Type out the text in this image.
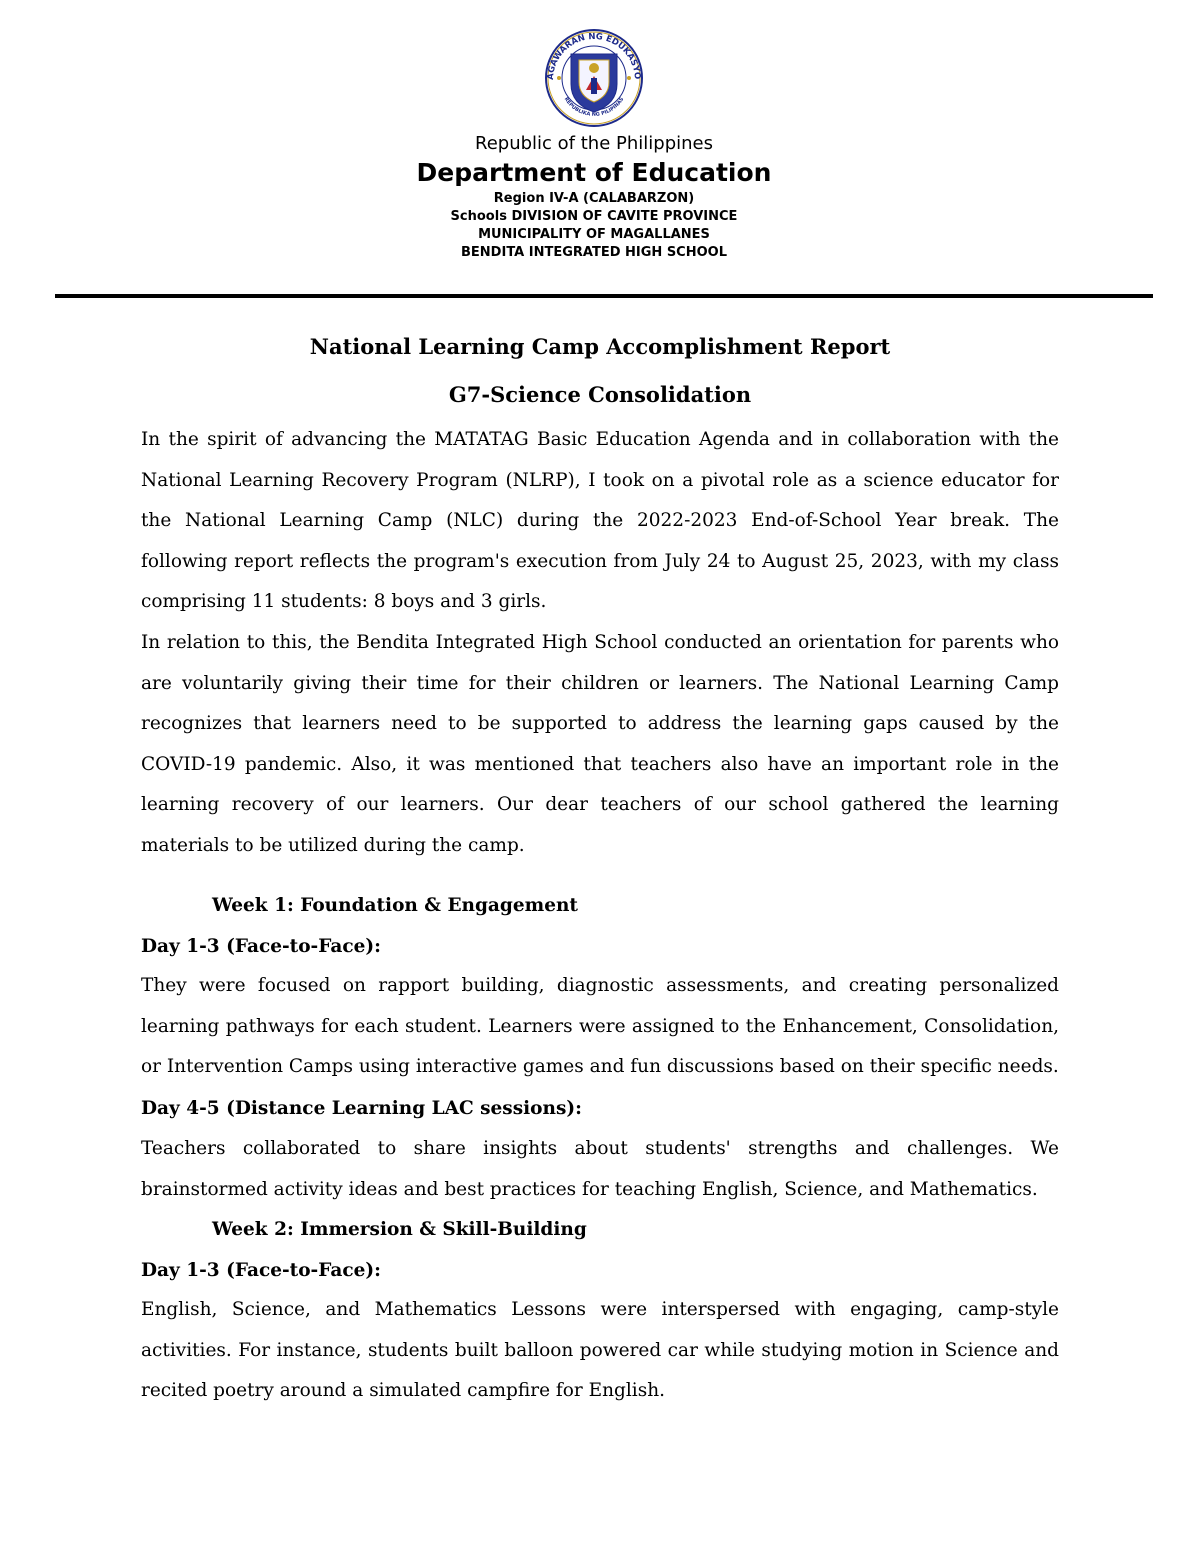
AGAWARAN NG EDUKASYO
REPUBLIKA NG PILIPINAS
Republic of the Philippines
Department of Education
Region IV-A (CALABARZON)
Schools DIVISION OF CAVITE PROVINCE
MUNICIPALITY OF MAGALLANES
BENDITA INTEGRATED HIGH SCHOOL
National Learning Camp Accomplishment Report
G7-Science Consolidation

In the spirit of advancing the MATATAG Basic Education Agenda and in collaboration with the National Learning Recovery Program (NLRP), I took on a pivotal role as a science educator for the National Learning Camp (NLC) during the 2022-2023 End-of-School Year break. The following report reflects the program's execution from July 24 to August 25, 2023, with my class comprising 11 students: 8 boys and 3 girls.

In relation to this, the Bendita Integrated High School conducted an orientation for parents who are voluntarily giving their time for their children or learners. The National Learning Camp recognizes that learners need to be supported to address the learning gaps caused by the COVID-19 pandemic. Also, it was mentioned that teachers also have an important role in the learning recovery of our learners. Our dear teachers of our school gathered the learning materials to be utilized during the camp.

Week 1: Foundation & Engagement
Day 1-3 (Face-to-Face):

They were focused on rapport building, diagnostic assessments, and creating personalized learning pathways for each student. Learners were assigned to the Enhancement, Consolidation, or Intervention Camps using interactive games and fun discussions based on their specific needs.

Day 4-5 (Distance Learning LAC sessions):

Teachers collaborated to share insights about students' strengths and challenges. We brainstormed activity ideas and best practices for teaching English, Science, and Mathematics.

Week 2: Immersion & Skill-Building
Day 1-3 (Face-to-Face):

English, Science, and Mathematics Lessons were interspersed with engaging, camp-style activities. For instance, students built balloon powered car while studying motion in Science and recited poetry around a simulated campfire for English.
